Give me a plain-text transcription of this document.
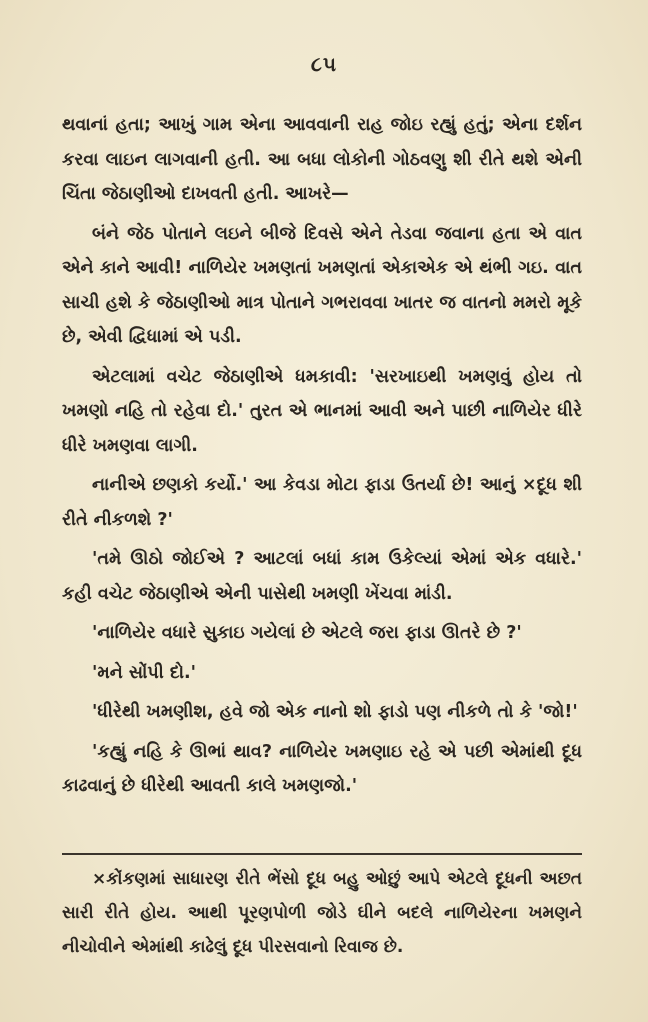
૮૫

થવાનાં હતા; આખું ગામ એના આવવાની રાહ જોઇ રહ્યું હતું; એના દર્શન કરવા લાઇન લાગવાની હતી. આ બધા લોકોની ગોઠવણુ શી રીતે થશે એની ચિંતા જેઠાણીઓ દાખવતી હતી. આખરે—

બંને જેઠ પોતાને લઇને બીજે દિવસે એને તેડવા જવાના હતા એ વાત એને કાને આવી! નાળિયેર ખમણતાં ખમણતાં એકાએક એ થંભી ગઇ. વાત સાચી હશે કે જેઠાણીઓ માત્ર પોતાને ગભરાવવા ખાતર જ વાતનો મમરો મૂકે છે, એવી દ્વિધામાં એ પડી.

એટલામાં વચેટ જેઠાણીએ ધમકાવી: 'સરખાઇથી ખમણવું હોય તો ખમણો નહિ તો રહેવા દો.' તુરત એ ભાનમાં આવી અને પાછી નાળિયેર ધીરે ધીરે ખમણવા લાગી.

નાનીએ છણકો કર્યો.' આ કેવડા મોટા ફાડા ઉતર્યા છે! આનું ×દૂધ શી રીતે નીકળશે ?'

'તમે ઊઠો જોઈએ ? આટલાં બધાં કામ ઉકેલ્યાં એમાં એક વધારે.' કહી વચેટ જેઠાણીએ એની પાસેથી ખમણી ખેંચવા માંડી.

'નાળિયેર વધારે સુકાઇ ગયેલાં છે એટલે જરા ફાડા ઊતરે છે ?'

'મને સોંપી દો.'

'ધીરેથી ખમણીશ, હવે જો એક નાનો શો ફાડો પણ નીકળે તો કે 'જો!'

'કહ્યું નહિ કે ઊભાં થાવ? નાળિયેર ખમણાઇ રહે એ પછી એમાંથી દૂધ કાઢવાનું છે ધીરેથી આવતી કાલે ખમણજો.'

×કોંકણમાં સાધારણ રીતે ભેંસો દૂધ બહુ ઓછું આપે એટલે દૂધની અછત સારી રીતે હોય. આથી પૂરણપોળી જોડે ઘીને બદલે નાળિયેરના ખમણને નીચોવીને એમાંથી કાઢેલું દૂધ પીરસવાનો રિવાજ છે.
